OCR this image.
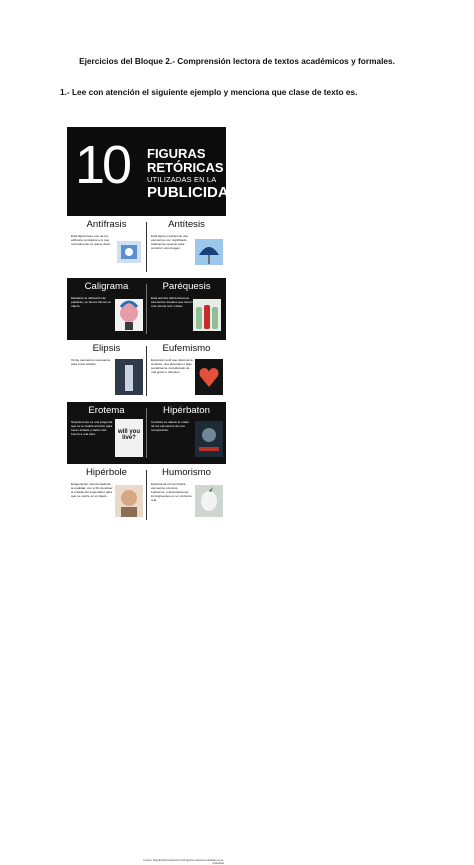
Ejercicios del Bloque 2.- Comprensión lectora de textos académicos y formales.
1.- Lee con atención el siguiente ejemplo y menciona que clase de texto es.
10 FIGURAS
RETÓRICAS
UTILIZADAS EN LA
PUBLICIDAD
Antífrasis
Esta figura hace uso de los atributos contrarios a lo que normalmente se quiere decir.
Antítesis
Esta figura contrapone dos elementos con significado totalmente opuesto para construir una imagen.
Caligrama
Mediante la utilización de palabras, se busca formar un objeto.
Paréquesis
Esta técnica utiliza diversos elementos visuales que tienen una misma raíz o base.
Elipsis
Omite elementos necesarios para crear énfasis.
Eufemismo
Expresión sutil que disimula la crudeza, una idea tabú o algo socialmente considerado de mal gusto u ofensivo.
Erotema
Simplemente es una pregunta que se le realiza al lector para hacer énfasis y darle más fuerza a una idea.	will you live?
Hipérbaton
Consiste en alterar el orden de los elementos de una composición.
Hipérbole
Exageración intencionada de la realidad, con el fin de atraer la mirada del espectador para que se centre en el objeto.
Humorismo
Expresa de forma irónica elementos cómicos, burlescos, o absurdamente incongruentes en un contexto real.
Fuente: blogdediseñosadvertit.es/10-figuras-retoricas-utilizadas-en-la-publicidad
